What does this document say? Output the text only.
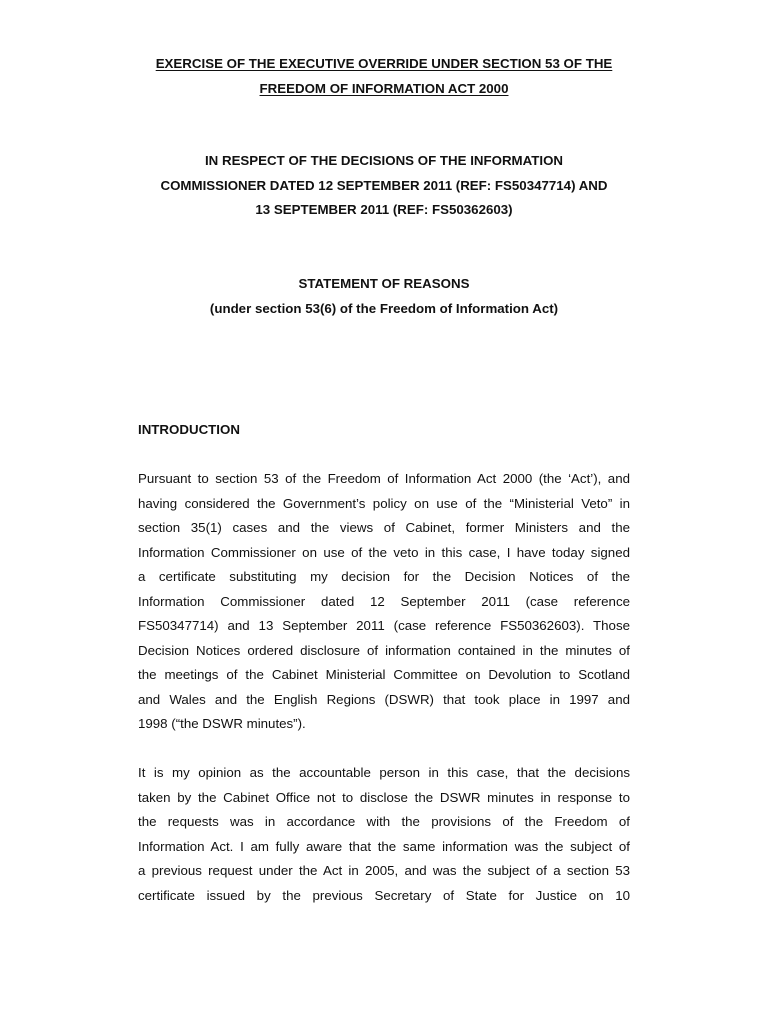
EXERCISE OF THE EXECUTIVE OVERRIDE UNDER SECTION 53 OF THE
FREEDOM OF INFORMATION ACT 2000
IN RESPECT OF THE DECISIONS OF THE INFORMATION
COMMISSIONER DATED 12 SEPTEMBER 2011 (REF: FS50347714) AND
13 SEPTEMBER 2011 (REF: FS50362603)
STATEMENT OF REASONS
(under section 53(6) of the Freedom of Information Act)
INTRODUCTION
Pursuant to section 53 of the Freedom of Information Act 2000 (the ‘Act’), and
having considered the Government’s policy on use of the “Ministerial Veto” in
section 35(1) cases and the views of Cabinet, former Ministers and the
Information Commissioner on use of the veto in this case, I have today signed
a certificate substituting my decision for the Decision Notices of the
Information Commissioner dated 12 September 2011 (case reference
FS50347714) and 13 September 2011 (case reference FS50362603). Those
Decision Notices ordered disclosure of information contained in the minutes of
the meetings of the Cabinet Ministerial Committee on Devolution to Scotland
and Wales and the English Regions (DSWR) that took place in 1997 and
1998 (“the DSWR minutes”).
It is my opinion as the accountable person in this case, that the decisions
taken by the Cabinet Office not to disclose the DSWR minutes in response to
the requests was in accordance with the provisions of the Freedom of
Information Act. I am fully aware that the same information was the subject of
a previous request under the Act in 2005, and was the subject of a section 53
certificate issued by the previous Secretary of State for Justice on 10
